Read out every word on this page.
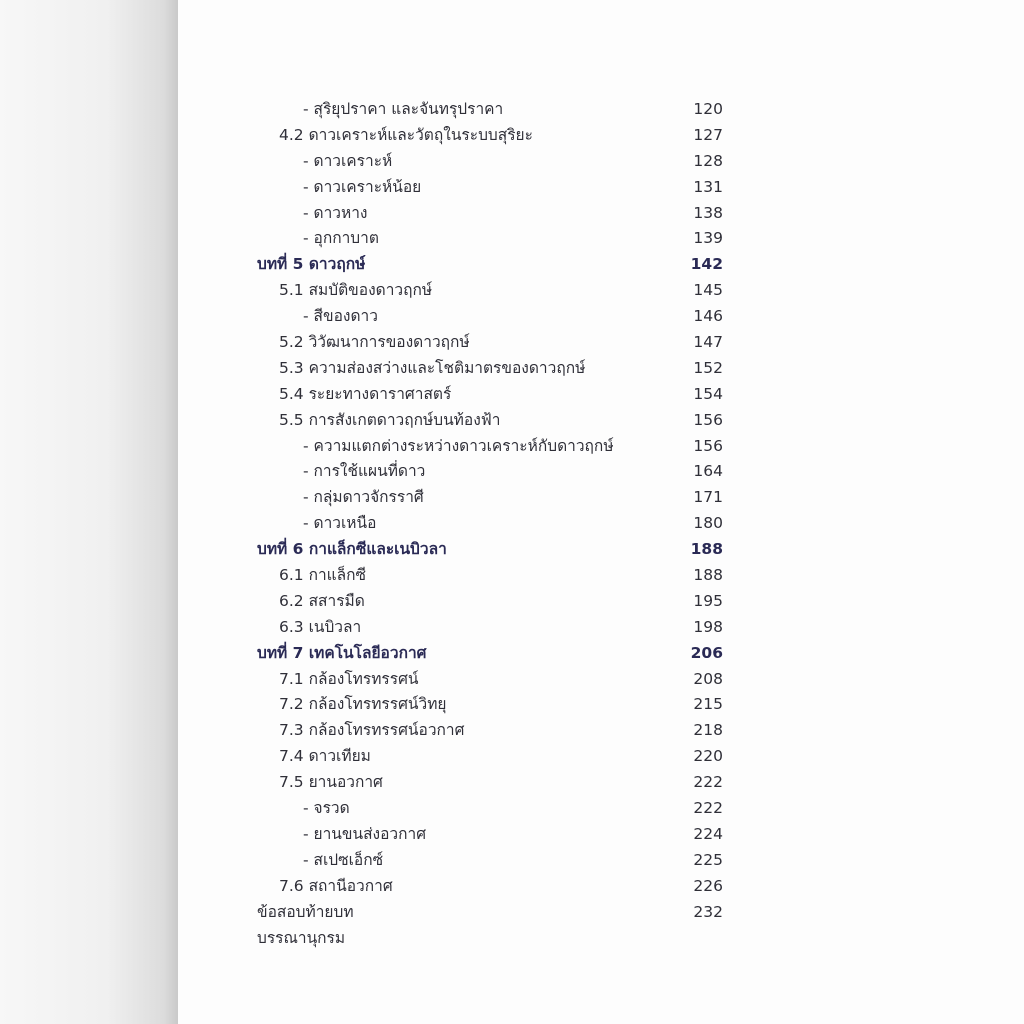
- สุริยุปราคา และจันทรุปราคา	120
4.2 ดาวเคราะห์และวัตถุในระบบสุริยะ	127
- ดาวเคราะห์	128
- ดาวเคราะห์น้อย	131
- ดาวหาง	138
- อุกกาบาต	139
บทที่ 5 ดาวฤกษ์	142
5.1 สมบัติของดาวฤกษ์	145
- สีของดาว	146
5.2 วิวัฒนาการของดาวฤกษ์	147
5.3 ความส่องสว่างและโชติมาตรของดาวฤกษ์	152
5.4 ระยะทางดาราศาสตร์	154
5.5 การสังเกตดาวฤกษ์บนท้องฟ้า	156
- ความแตกต่างระหว่างดาวเคราะห์กับดาวฤกษ์	156
- การใช้แผนที่ดาว	164
- กลุ่มดาวจักรราศี	171
- ดาวเหนือ	180
บทที่ 6 กาแล็กซีและเนบิวลา	188
6.1 กาแล็กซี	188
6.2 สสารมืด	195
6.3 เนบิวลา	198
บทที่ 7 เทคโนโลยีอวกาศ	206
7.1 กล้องโทรทรรศน์	208
7.2 กล้องโทรทรรศน์วิทยุ	215
7.3 กล้องโทรทรรศน์อวกาศ	218
7.4 ดาวเทียม	220
7.5 ยานอวกาศ	222
- จรวด	222
- ยานขนส่งอวกาศ	224
- สเปซเอ็กซ์	225
7.6 สถานีอวกาศ	226
ข้อสอบท้ายบท	232
บรรณานุกรม
